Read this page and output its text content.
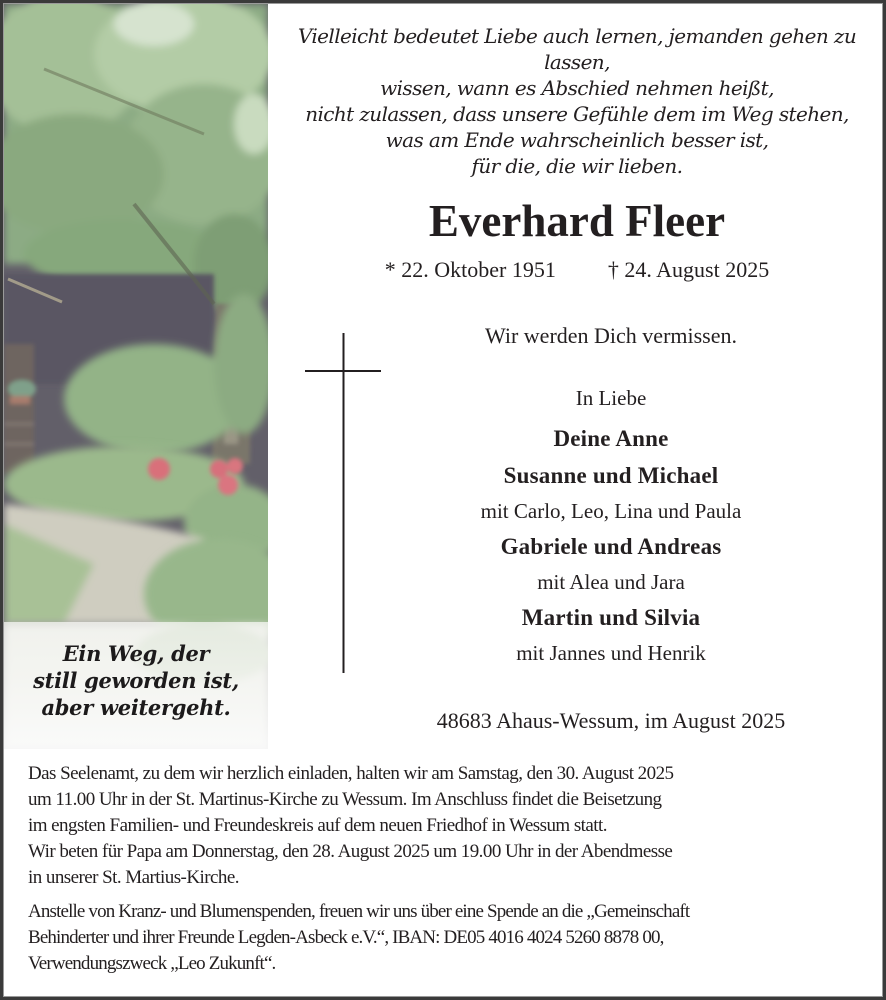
Ein Weg, der
still geworden ist,
aber weitergeht.
Vielleicht bedeutet Liebe auch lernen, jemanden gehen zu lassen,
wissen, wann es Abschied nehmen heißt,
nicht zulassen, dass unsere Gefühle dem im Weg stehen,
was am Ende wahrscheinlich besser ist,
für die, die wir lieben.
Everhard Fleer
* 22. Oktober 1951 † 24. August 2025
Wir werden Dich vermissen.
In Liebe
Deine Anne
Susanne und Michael
mit Carlo, Leo, Lina und Paula
Gabriele und Andreas
mit Alea und Jara
Martin und Silvia
mit Jannes und Henrik
48683 Ahaus-Wessum, im August 2025

Das Seelenamt, zu dem wir herzlich einladen, halten wir am Samstag, den 30. August 2025

um 11.00 Uhr in der St. Martinus-Kirche zu Wessum. Im Anschluss findet die Beisetzung

im engsten Familien- und Freundeskreis auf dem neuen Friedhof in Wessum statt.

Wir beten für Papa am Donnerstag, den 28. August 2025 um 19.00 Uhr in der Abendmesse

in unserer St. Martius-Kirche.

Anstelle von Kranz- und Blumenspenden, freuen wir uns über eine Spende an die „Gemeinschaft

Behinderter und ihrer Freunde Legden-Asbeck e.V.“, IBAN: DE05 4016 4024 5260 8878 00,

Verwendungszweck „Leo Zukunft“.
